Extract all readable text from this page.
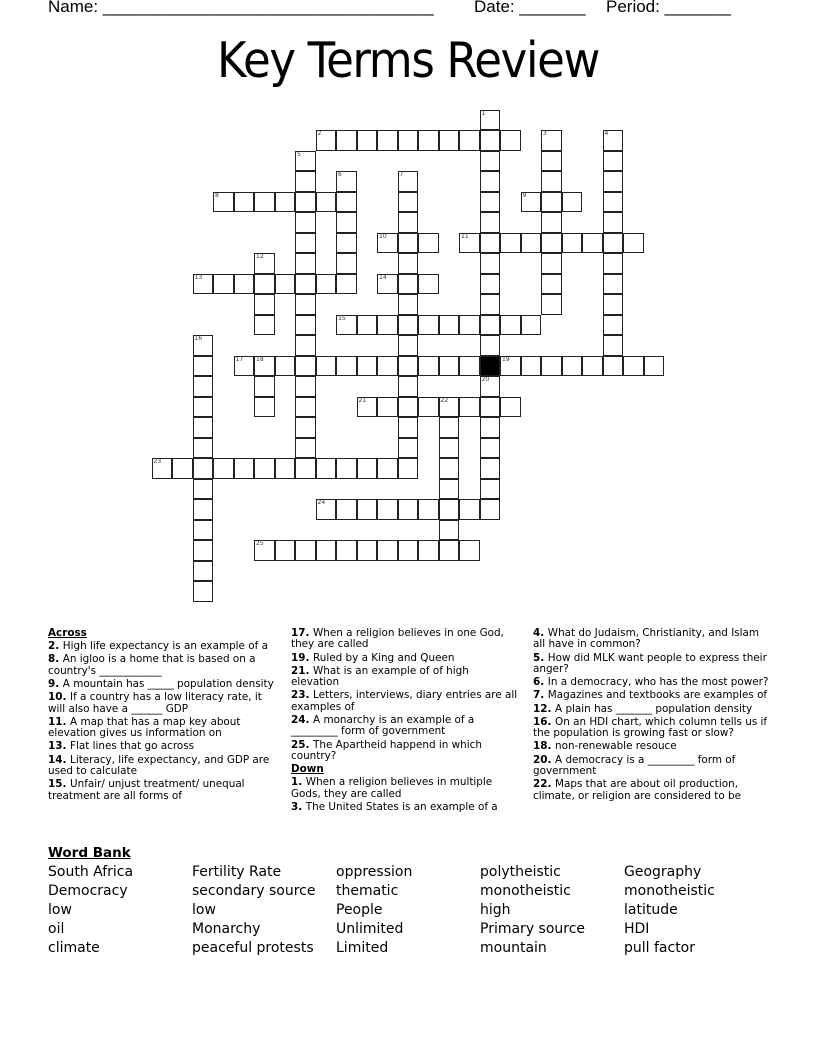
Name: ___________________________________ Date: _______ Period: _______
Key Terms Review
1
2	3	4
5
6	7
8	9
10	11
12
13	14
15
16
17 18	19
20
21	22
23
24
25
Across
2. High life expectancy is an example of a
8. An igloo is a home that is based on a country's ____________
9. A mountain has _____ population density
10. If a country has a low literacy rate, it will also have a ______ GDP
11. A map that has a map key about elevation gives us information on
13. Flat lines that go across
14. Literacy, life expectancy, and GDP are used to calculate
15. Unfair/ unjust treatment/ unequal treatment are all forms of
17. When a religion believes in one God, they are called
19. Ruled by a King and Queen
21. What is an example of of high elevation
23. Letters, interviews, diary entries are all examples of
24. A monarchy is an example of a _________ form of government
25. The Apartheid happend in which country?
Down
1. When a religion believes in multiple Gods, they are called
3. The United States is an example of a
4. What do Judaism, Christianity, and Islam all have in common?
5. How did MLK want people to express their anger?
6. In a democracy, who has the most power?
7. Magazines and textbooks are examples of
12. A plain has _______ population density
16. On an HDI chart, which column tells us if the population is growing fast or slow?
18. non-renewable resouce
20. A democracy is a _________ form of government
22. Maps that are about oil production, climate, or religion are considered to be
Word Bank
South Africa
Democracy
low
oil
climate
Fertility Rate
secondary source
low
Monarchy
peaceful protests
oppression
thematic
People
Unlimited
Limited
polytheistic
monotheistic
high
Primary source
mountain
Geography
monotheistic
latitude
HDI
pull factor
